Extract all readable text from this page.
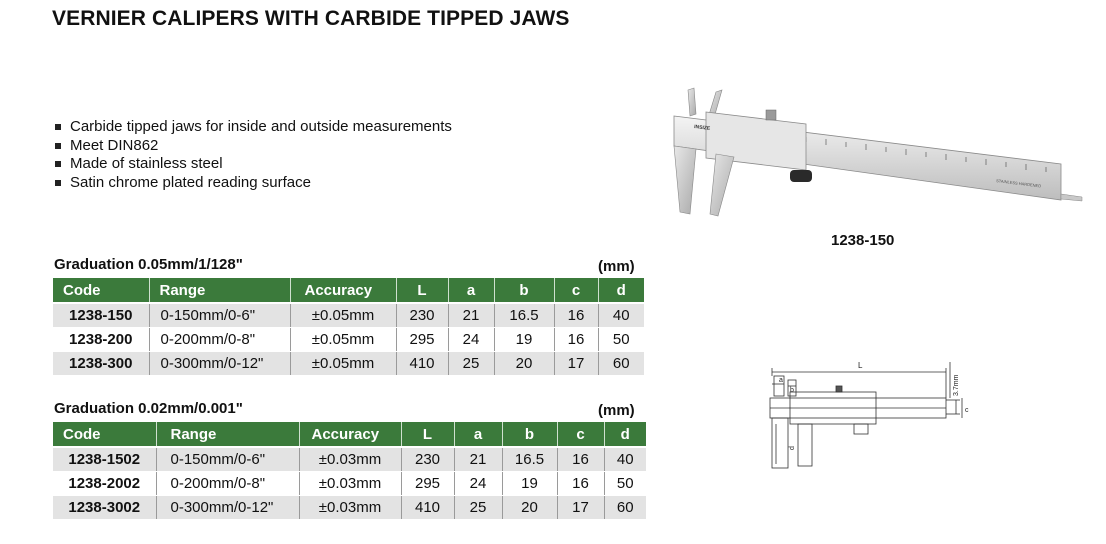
VERNIER CALIPERS WITH CARBIDE TIPPED JAWS
Carbide tipped jaws for inside and outside measurements
Meet DIN862
Made of stainless steel
Satin chrome plated reading surface
Graduation 0.05mm/1/128"	(mm)
Code	Range	Accuracy	L	a	b	c	d
1238-150	0-150mm/0-6"	±0.05mm	230	21	16.5	16	40
1238-200	0-200mm/0-8"	±0.05mm	295	24	19	16	50
1238-300	0-300mm/0-12"	±0.05mm	410	25	20	17	60
Graduation 0.02mm/0.001"	(mm)
Code	Range	Accuracy	L	a	b	c	d
1238-1502	0-150mm/0-6"	±0.03mm	230	21	16.5	16	40
1238-2002	0-200mm/0-8"	±0.03mm	295	24	19	16	50
1238-3002	0-300mm/0-12"	±0.03mm	410	25	20	17	60
INSIZE
STAINLESS HARDENED
1238-150
L
a
b
c
d
3.7mm
